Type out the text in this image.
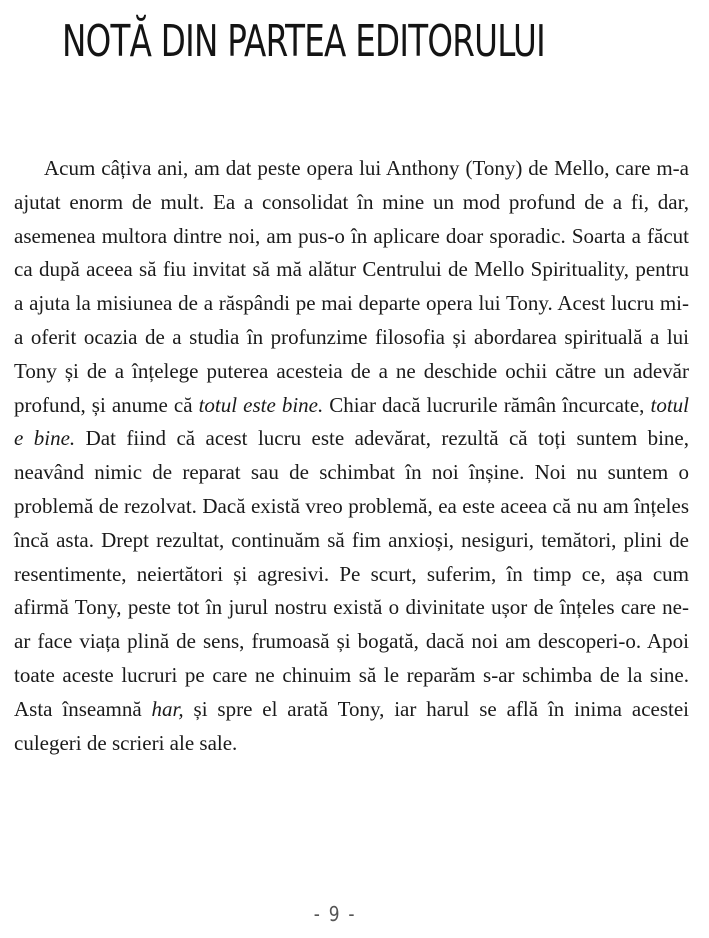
NOTĂ DIN PARTEA EDITORULUI

Acum câțiva ani, am dat peste opera lui Anthony (Tony) de Mello, care m-a ajutat enorm de mult. Ea a consolidat în mine un mod profund de a fi, dar, asemenea multora dintre noi, am pus-o în aplicare doar sporadic. Soarta a făcut ca după aceea să fiu invitat să mă alătur Centrului de Mello Spirituality, pentru a ajuta la misiunea de a răspândi pe mai departe opera lui Tony. Acest lucru mi-a oferit ocazia de a studia în profunzime filosofia și abordarea spirituală a lui Tony și de a înțelege puterea acesteia de a ne deschide ochii către un adevăr profund, și anume că totul este bine. Chiar dacă lucrurile rămân încurcate, totul e bine. Dat fiind că acest lucru este adevărat, rezultă că toți suntem bine, neavând nimic de reparat sau de schimbat în noi înșine. Noi nu suntem o problemă de rezolvat. Dacă există vreo problemă, ea este aceea că nu am înțeles încă asta. Drept rezultat, continuăm să fim anxioși, nesiguri, temători, plini de resentimente, neiertători și agresivi. Pe scurt, suferim, în timp ce, așa cum afirmă Tony, peste tot în jurul nostru există o divinitate ușor de înțeles care ne-ar face viața plină de sens, frumoasă și bogată, dacă noi am descoperi-o. Apoi toate aceste lucruri pe care ne chinuim să le reparăm s-ar schimba de la sine. Asta înseamnă har, și spre el arată Tony, iar harul se află în inima acestei culegeri de scrieri ale sale.

- 9 -
